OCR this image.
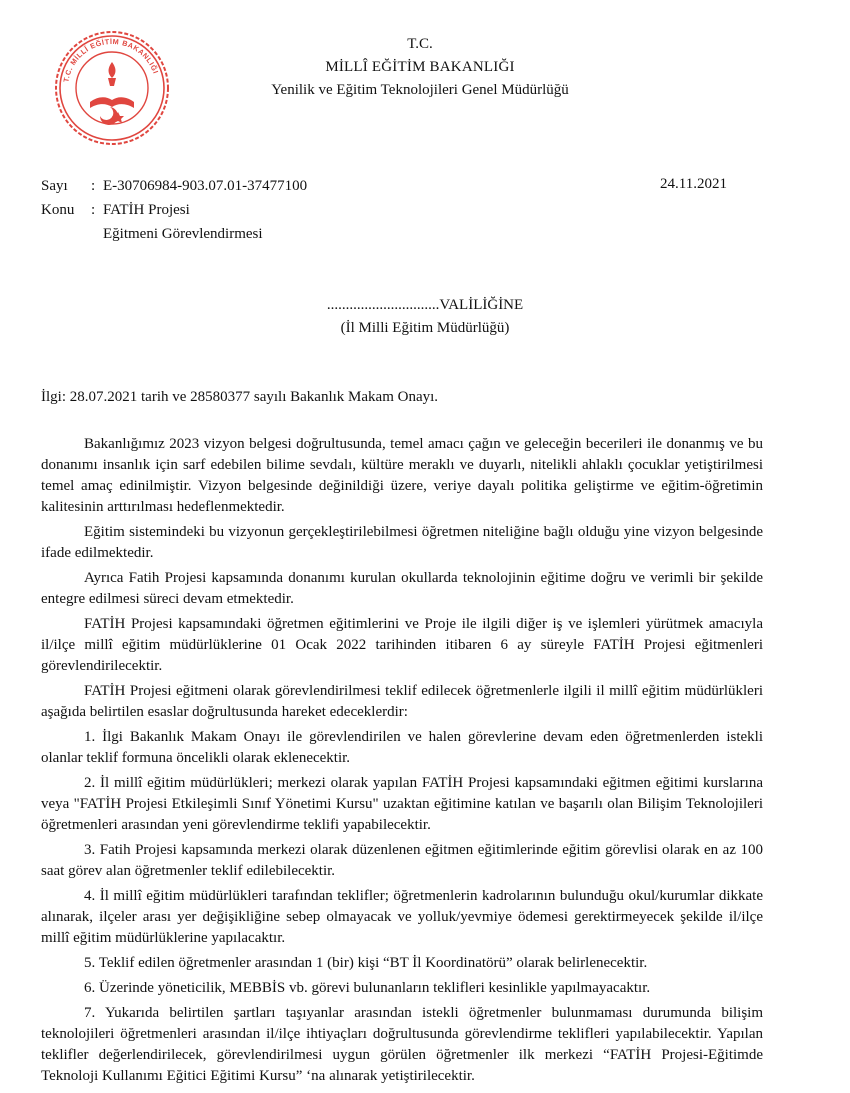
T.C. MİLLÎ EĞİTİM BAKANLIĞI
T.C.
MİLLÎ EĞİTİM BAKANLIĞI
Yenilik ve Eğitim Teknolojileri Genel Müdürlüğü
Sayı : E-30706984-903.07.01-37477100	24.11.2021
Konu : FATİH Projesi
Eğitmeni Görevlendirmesi
..............................VALİLİĞİNE
(İl Milli Eğitim Müdürlüğü)
İlgi: 28.07.2021 tarih ve 28580377 sayılı Bakanlık Makam Onayı.

Bakanlığımız 2023 vizyon belgesi doğrultusunda, temel amacı çağın ve geleceğin becerileri ile donanmış ve bu donanımı insanlık için sarf edebilen bilime sevdalı, kültüre meraklı ve duyarlı, nitelikli ahlaklı çocuklar yetiştirilmesi temel amaç edinilmiştir. Vizyon belgesinde değinildiği üzere, veriye dayalı politika geliştirme ve eğitim-öğretimin kalitesinin arttırılması hedeflenmektedir.

Eğitim sistemindeki bu vizyonun gerçekleştirilebilmesi öğretmen niteliğine bağlı olduğu yine vizyon belgesinde ifade edilmektedir.

Ayrıca Fatih Projesi kapsamında donanımı kurulan okullarda teknolojinin eğitime doğru ve verimli bir şekilde entegre edilmesi süreci devam etmektedir.

FATİH Projesi kapsamındaki öğretmen eğitimlerini ve Proje ile ilgili diğer iş ve işlemleri yürütmek amacıyla il/ilçe millî eğitim müdürlüklerine 01 Ocak 2022 tarihinden itibaren 6 ay süreyle FATİH Projesi eğitmenleri görevlendirilecektir.

FATİH Projesi eğitmeni olarak görevlendirilmesi teklif edilecek öğretmenlerle ilgili il millî eğitim müdürlükleri aşağıda belirtilen esaslar doğrultusunda hareket edeceklerdir:

1. İlgi Bakanlık Makam Onayı ile görevlendirilen ve halen görevlerine devam eden öğretmenlerden istekli olanlar teklif formuna öncelikli olarak eklenecektir.

2. İl millî eğitim müdürlükleri; merkezi olarak yapılan FATİH Projesi kapsamındaki eğitmen eğitimi kurslarına veya "FATİH Projesi Etkileşimli Sınıf Yönetimi Kursu" uzaktan eğitimine katılan ve başarılı olan Bilişim Teknolojileri öğretmenleri arasından yeni görevlendirme teklifi yapabilecektir.

3. Fatih Projesi kapsamında merkezi olarak düzenlenen eğitmen eğitimlerinde eğitim görevlisi olarak en az 100 saat görev alan öğretmenler teklif edilebilecektir.

4. İl millî eğitim müdürlükleri tarafından teklifler; öğretmenlerin kadrolarının bulunduğu okul/kurumlar dikkate alınarak, ilçeler arası yer değişikliğine sebep olmayacak ve yolluk/yevmiye ödemesi gerektirmeyecek şekilde il/ilçe millî eğitim müdürlüklerine yapılacaktır.

5. Teklif edilen öğretmenler arasından 1 (bir) kişi “BT İl Koordinatörü” olarak belirlenecektir.

6. Üzerinde yöneticilik, MEBBİS vb. görevi bulunanların teklifleri kesinlikle yapılmayacaktır.

7. Yukarıda belirtilen şartları taşıyanlar arasından istekli öğretmenler bulunmaması durumunda bilişim teknolojileri öğretmenleri arasından il/ilçe ihtiyaçları doğrultusunda görevlendirme teklifleri yapılabilecektir. Yapılan teklifler değerlendirilecek, görevlendirilmesi uygun görülen öğretmenler ilk merkezi “FATİH Projesi-Eğitimde Teknoloji Kullanımı Eğitici Eğitimi Kursu” ‘na alınarak yetiştirilecektir.
